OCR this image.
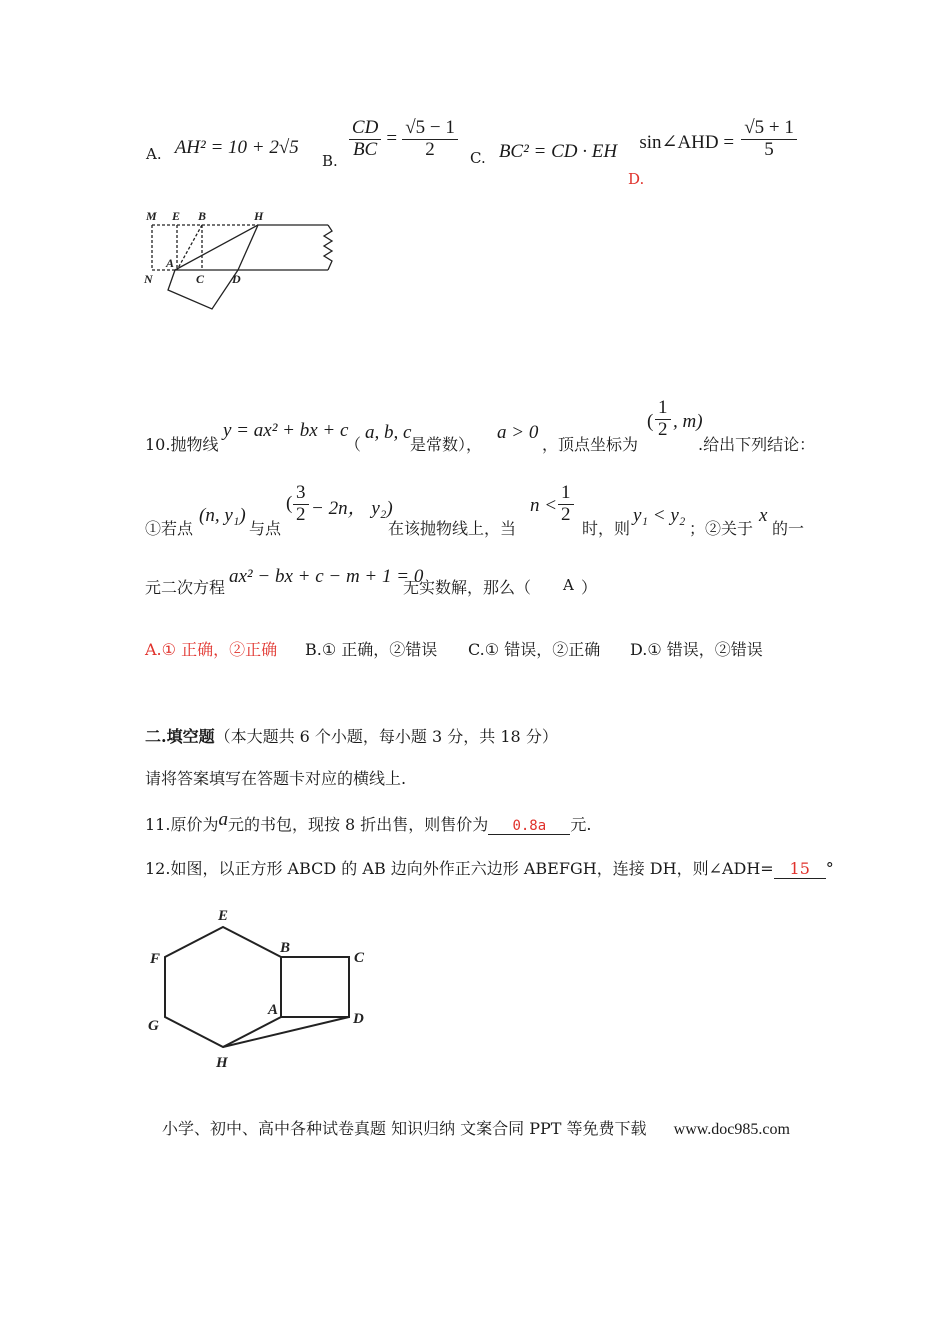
A. AH² = 10 + 2√5
B.
$\frac{CD}{BC} = \frac{√5 - 1}{2} C$. BC² = CD · EH
D. sin∠AHD = $\frac{√5 + 1}{5}$
M E B	H
N
A
C D
10.抛物线
y = ax² + bx + c
（
a, b, c
是常数），
a > 0
，顶点坐标为
( $\frac{1}{2}$ , m)
.给出下列结论：
①若点
(n, y₁)
与点
( $\frac{3}{2} - 2n$， y₂)
在该抛物线上，当
$n < \frac{1}{2}$
时，则
y₁ < y₂
；②关于
x
的一
元二次方程
ax² − bx + c − m + 1 = 0
无实数解，那么（ A ）
A.① 正确，②正确 B.① 正确，②错误 C.① 错误，②正确 D.① 错误，②错误
二.填空题（本大题共 6 个小题，每小题 3 分，共 18 分）
请将答案填写在答题卡对应的横线上.
11.原价为a元的书包，现按 8 折出售，则售价为 0.8a 元.
12.如图，以正方形 ABCD 的 AB 边向外作正六边形 ABEFGH，连接 DH，则∠ADH= 15 °
E
B
C
F
G
A
D
H
小学、初中、高中各种试卷真题 知识归纳 文案合同 PPT 等免费下载 www.doc985.com
